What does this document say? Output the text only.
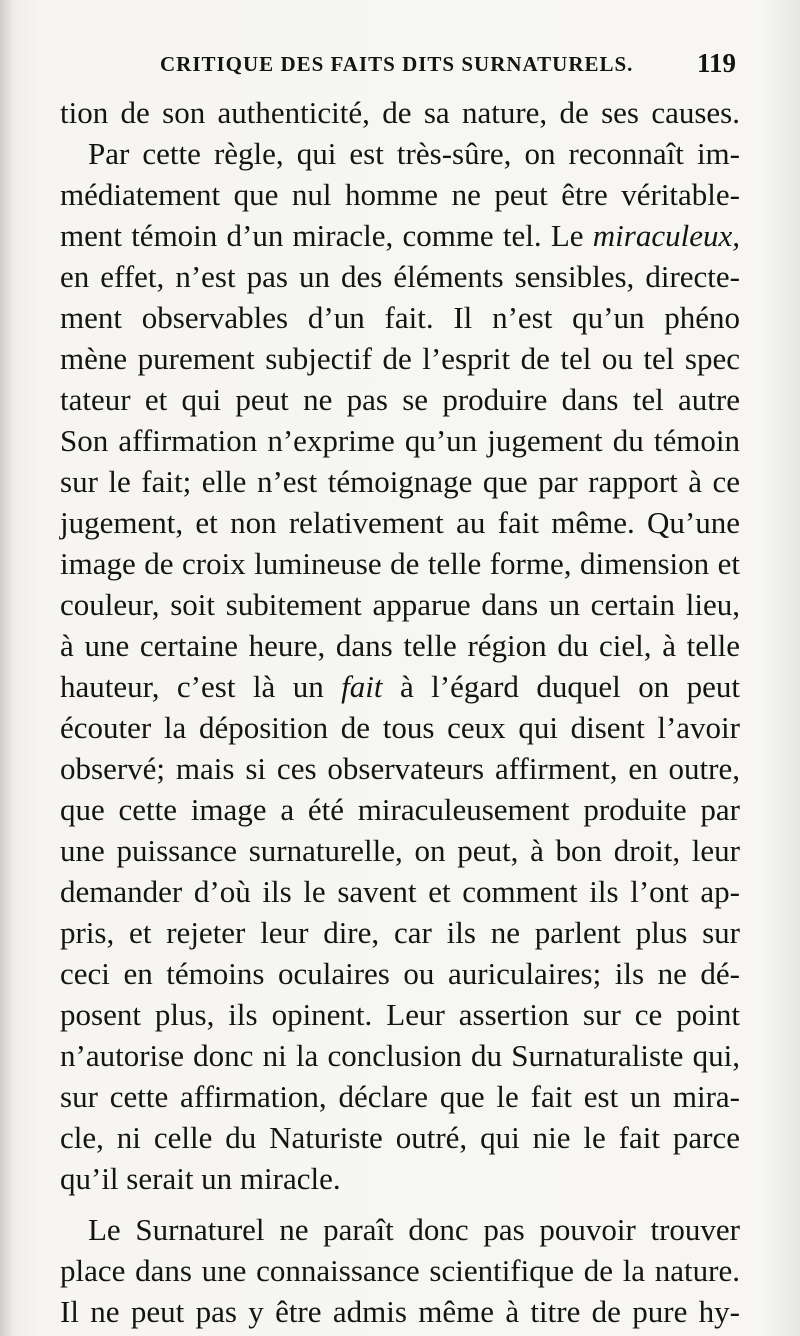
CRITIQUE DES FAITS DITS SURNATURELS. 119
tion de son authenticité, de sa nature, de ses causes.
Par cette règle, qui est très-sûre, on reconnaît im-
médiatement que nul homme ne peut être véritable-
ment témoin d’un miracle, comme tel. Le miraculeux,
en effet, n’est pas un des éléments sensibles, directe-
ment observables d’un fait. Il n’est qu’un phéno
mène purement subjectif de l’esprit de tel ou tel spec
tateur et qui peut ne pas se produire dans tel autre
Son affirmation n’exprime qu’un jugement du témoin
sur le fait; elle n’est témoignage que par rapport à ce
jugement, et non relativement au fait même. Qu’une
image de croix lumineuse de telle forme, dimension et
couleur, soit subitement apparue dans un certain lieu,
à une certaine heure, dans telle région du ciel, à telle
hauteur, c’est là un fait à l’égard duquel on peut
écouter la déposition de tous ceux qui disent l’avoir
observé; mais si ces observateurs affirment, en outre,
que cette image a été miraculeusement produite par
une puissance surnaturelle, on peut, à bon droit, leur
demander d’où ils le savent et comment ils l’ont ap-
pris, et rejeter leur dire, car ils ne parlent plus sur
ceci en témoins oculaires ou auriculaires; ils ne dé-
posent plus, ils opinent. Leur assertion sur ce point
n’autorise donc ni la conclusion du Surnaturaliste qui,
sur cette affirmation, déclare que le fait est un mira-
cle, ni celle du Naturiste outré, qui nie le fait parce
qu’il serait un miracle.
Le Surnaturel ne paraît donc pas pouvoir trouver
place dans une connaissance scientifique de la nature.
Il ne peut pas y être admis même à titre de pure hy-
